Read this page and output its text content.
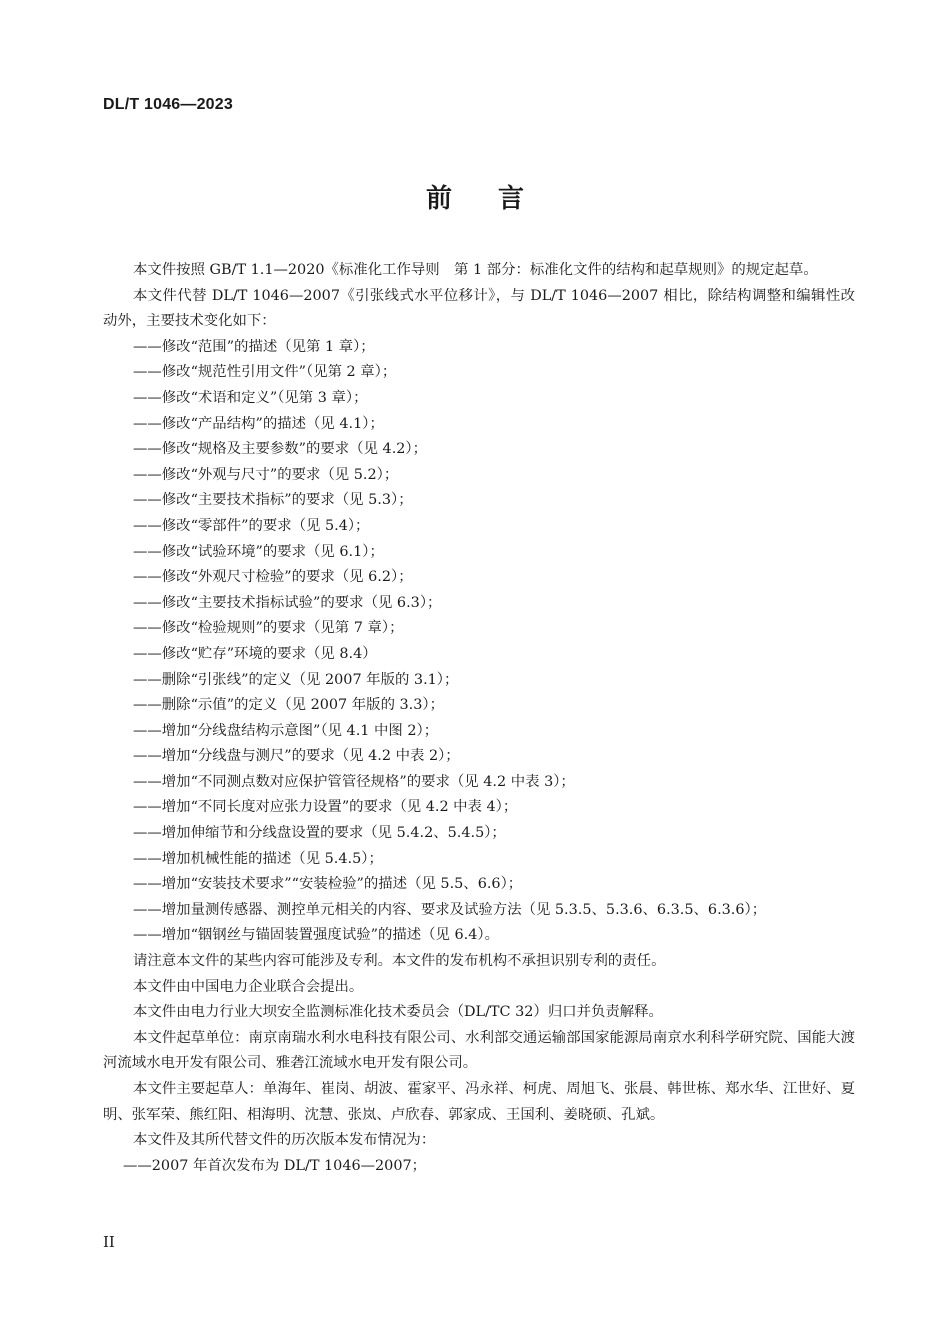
DL/T 1046—2023
前言

本文件按照 GB/T 1.1—2020《标准化工作导则　第 1 部分：标准化文件的结构和起草规则》的规定起草。

本文件代替 DL/T 1046—2007《引张线式水平位移计》，与 DL/T 1046—2007 相比，除结构调整和编辑性改动外，主要技术变化如下：

——修改“范围”的描述（见第 1 章）；

——修改“规范性引用文件”（见第 2 章）；

——修改“术语和定义”（见第 3 章）；

——修改“产品结构”的描述（见 4.1）；

——修改“规格及主要参数”的要求（见 4.2）；

——修改“外观与尺寸”的要求（见 5.2）；

——修改“主要技术指标”的要求（见 5.3）；

——修改“零部件”的要求（见 5.4）；

——修改“试验环境”的要求（见 6.1）；

——修改“外观尺寸检验”的要求（见 6.2）；

——修改“主要技术指标试验”的要求（见 6.3）；

——修改“检验规则”的要求（见第 7 章）；

——修改“贮存”环境的要求（见 8.4）

——删除“引张线”的定义（见 2007 年版的 3.1）；

——删除“示值”的定义（见 2007 年版的 3.3）；

——增加“分线盘结构示意图”（见 4.1 中图 2）；

——增加“分线盘与测尺”的要求（见 4.2 中表 2）；

——增加“不同测点数对应保护管管径规格”的要求（见 4.2 中表 3）；

——增加“不同长度对应张力设置”的要求（见 4.2 中表 4）；

——增加伸缩节和分线盘设置的要求（见 5.4.2、5.4.5）；

——增加机械性能的描述（见 5.4.5）；

——增加“安装技术要求”“安装检验”的描述（见 5.5、6.6）；

——增加量测传感器、测控单元相关的内容、要求及试验方法（见 5.3.5、5.3.6、6.3.5、6.3.6）；

——增加“铟钢丝与锚固装置强度试验”的描述（见 6.4）。

请注意本文件的某些内容可能涉及专利。本文件的发布机构不承担识别专利的责任。

本文件由中国电力企业联合会提出。

本文件由电力行业大坝安全监测标准化技术委员会（DL/TC 32）归口并负责解释。

本文件起草单位：南京南瑞水利水电科技有限公司、水利部交通运输部国家能源局南京水利科学研究院、国能大渡河流域水电开发有限公司、雅砻江流域水电开发有限公司。

本文件主要起草人：单海年、崔岗、胡波、霍家平、冯永祥、柯虎、周旭飞、张晨、韩世栋、郑水华、江世好、夏明、张军荣、熊红阳、相海明、沈慧、张岚、卢欣春、郭家成、王国利、姜晓硕、孔斌。

本文件及其所代替文件的历次版本发布情况为：

——2007 年首次发布为 DL/T 1046—2007；

II
